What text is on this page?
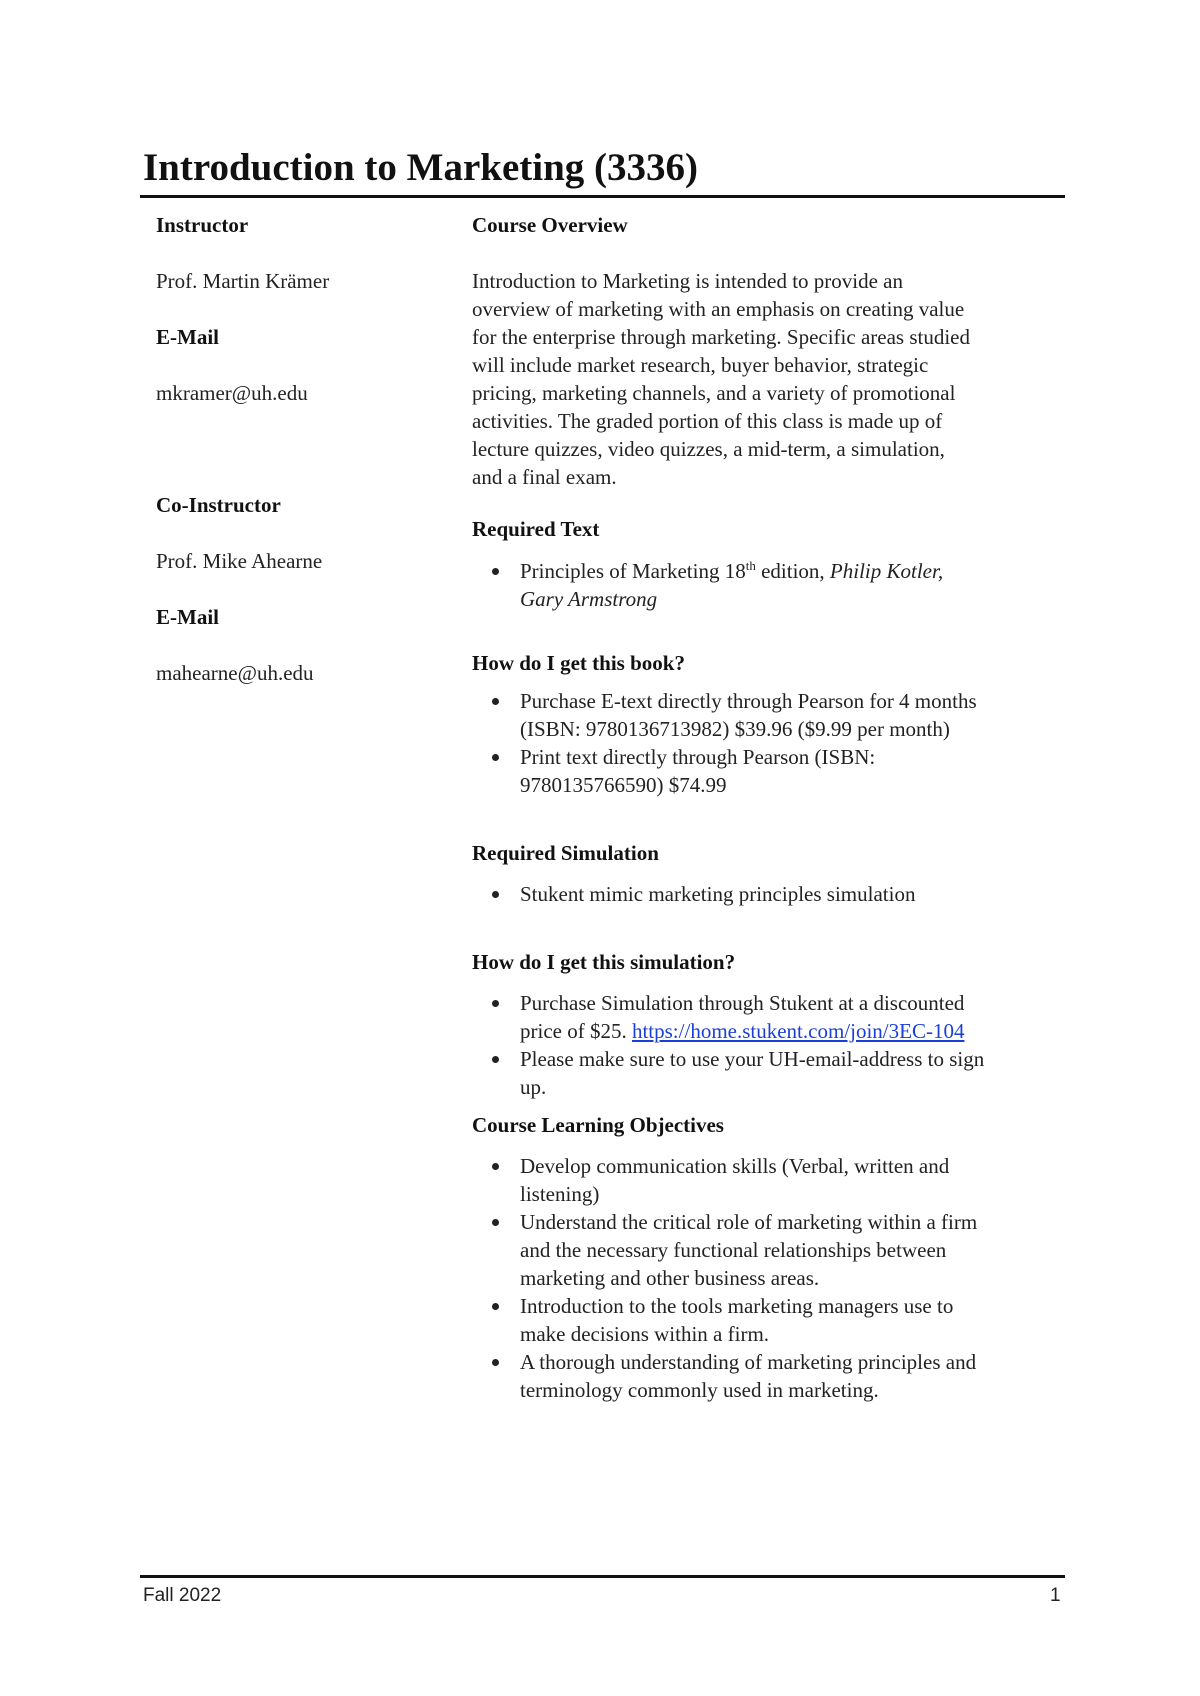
Introduction to Marketing (3336)
Instructor
Prof. Martin Krämer
E-Mail
mkramer@uh.edu
Co-Instructor
Prof. Mike Ahearne
E-Mail
mahearne@uh.edu
Course Overview
Introduction to Marketing is intended to provide an
overview of marketing with an emphasis on creating value
for the enterprise through marketing. Specific areas studied
will include market research, buyer behavior, strategic
pricing, marketing channels, and a variety of promotional
activities. The graded portion of this class is made up of
lecture quizzes, video quizzes, a mid-term, a simulation,
and a final exam.
Required Text
Principles of Marketing 18th edition, Philip Kotler,
Gary Armstrong
How do I get this book?
Purchase E-text directly through Pearson for 4 months
(ISBN: 9780136713982) $39.96 ($9.99 per month)
Print text directly through Pearson (ISBN:
9780135766590) $74.99
Required Simulation
Stukent mimic marketing principles simulation
How do I get this simulation?
Purchase Simulation through Stukent at a discounted
price of $25. https://home.stukent.com/join/3EC-104
Please make sure to use your UH-email-address to sign
up.
Course Learning Objectives
Develop communication skills (Verbal, written and
listening)
Understand the critical role of marketing within a firm
and the necessary functional relationships between
marketing and other business areas.
Introduction to the tools marketing managers use to
make decisions within a firm.
A thorough understanding of marketing principles and
terminology commonly used in marketing.
Fall 2022	1
